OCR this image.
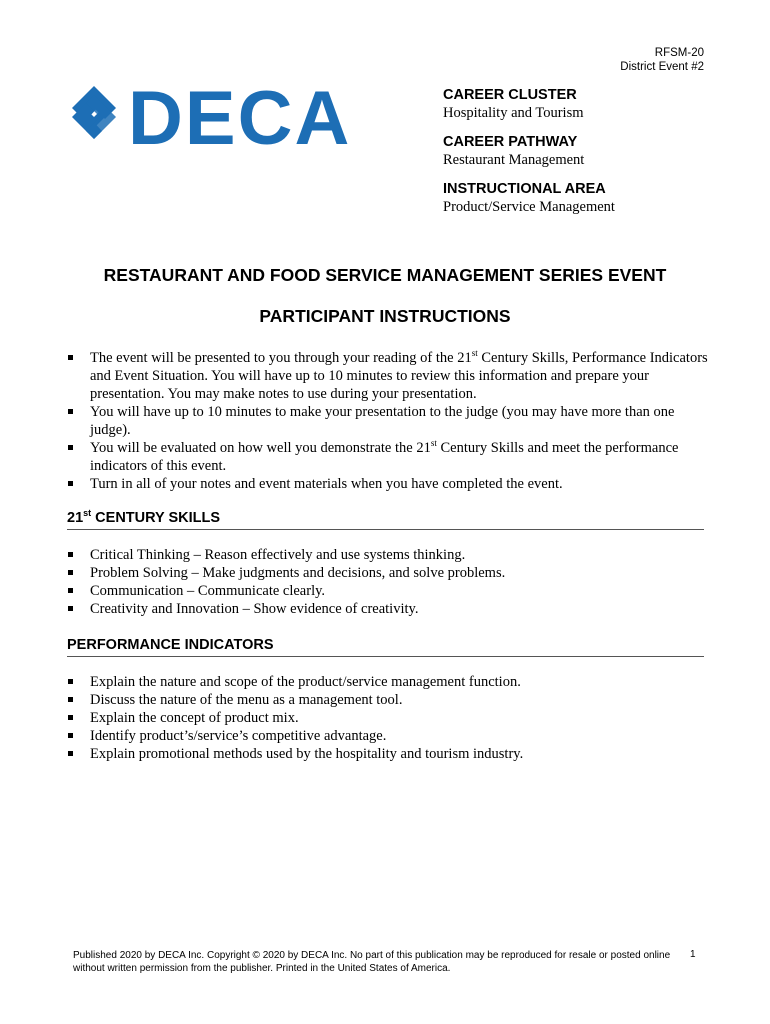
RFSM-20
District Event #2
DECA	CAREER CLUSTER
Hospitality and Tourism
CAREER PATHWAY
Restaurant Management
INSTRUCTIONAL AREA
Product/Service Management
RESTAURANT AND FOOD SERVICE MANAGEMENT SERIES EVENT
PARTICIPANT INSTRUCTIONS
The event will be presented to you through your reading of the 21st Century Skills, Performance Indicators and Event Situation. You will have up to 10 minutes to review this information and prepare your presentation. You may make notes to use during your presentation.
You will have up to 10 minutes to make your presentation to the judge (you may have more than one judge).
You will be evaluated on how well you demonstrate the 21st Century Skills and meet the performance indicators of this event.
Turn in all of your notes and event materials when you have completed the event.
21st CENTURY SKILLS
Critical Thinking – Reason effectively and use systems thinking.
Problem Solving – Make judgments and decisions, and solve problems.
Communication – Communicate clearly.
Creativity and Innovation – Show evidence of creativity.
PERFORMANCE INDICATORS
Explain the nature and scope of the product/service management function.
Discuss the nature of the menu as a management tool.
Explain the concept of product mix.
Identify product’s/service’s competitive advantage.
Explain promotional methods used by the hospitality and tourism industry.
Published 2020 by DECA Inc. Copyright © 2020 by DECA Inc. No part of this publication may be reproduced for resale or posted online without written permission from the publisher. Printed in the United States of America.
1
